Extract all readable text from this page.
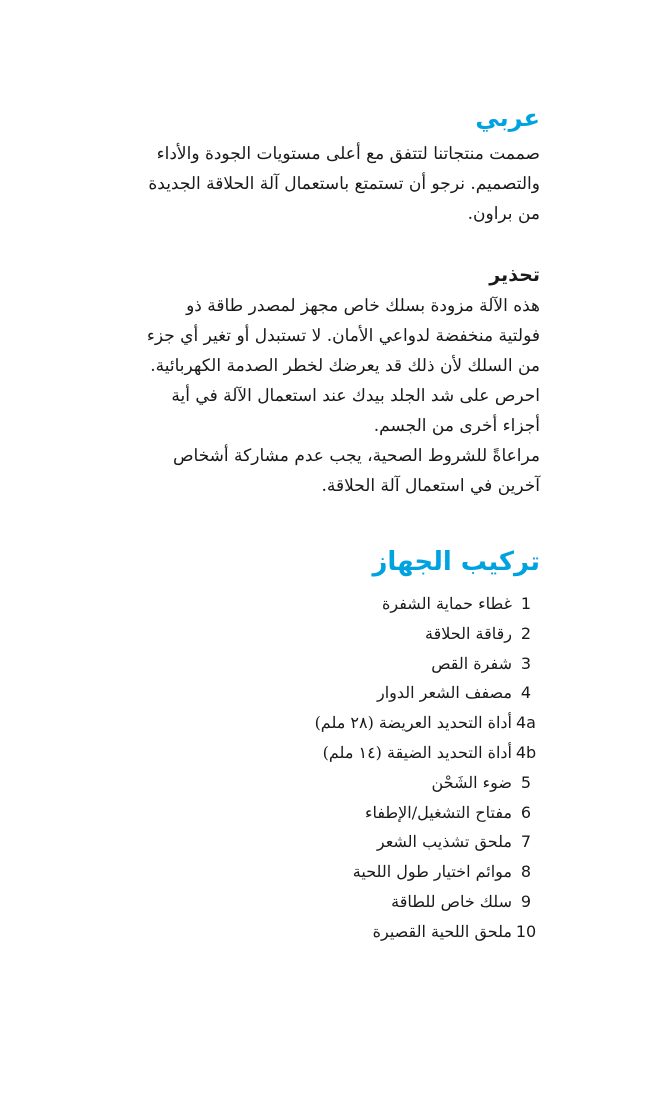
عربي

صممت منتجاتنا لتتفق مع أعلى مستويات الجودة والأداء والتصميم. نرجو أن تستمتع باستعمال آلة الحلاقة الجديدة من براون.

تحذير

هذه الآلة مزودة بسلك خاص مجهز لمصدر طاقة ذو فولتية منخفضة لدواعي الأمان. لا تستبدل أو تغير أي جزء من السلك لأن ذلك قد يعرضك لخطر الصدمة الكهربائية.

احرص على شد الجلد بيدك عند استعمال الآلة في أية أجزاء أخرى من الجسم.

مراعاةً للشروط الصحية، يجب عدم مشاركة أشخاص آخرين في استعمال آلة الحلاقة.

تركيب الجهاز
1
غطاء حماية الشفرة
2
رقاقة الحلاقة
3
شفرة القص
4
مصفف الشعر الدوار
4a
أداة التحديد العريضة (٢٨ ملم)
4b
أداة التحديد الضيقة (١٤ ملم)
5
ضوء الشَحْن
6
مفتاح التشغيل/الإطفاء
7
ملحق تشذيب الشعر
8
موائم اختيار طول اللحية
9
سلك خاص للطاقة
10
ملحق اللحية القصيرة
